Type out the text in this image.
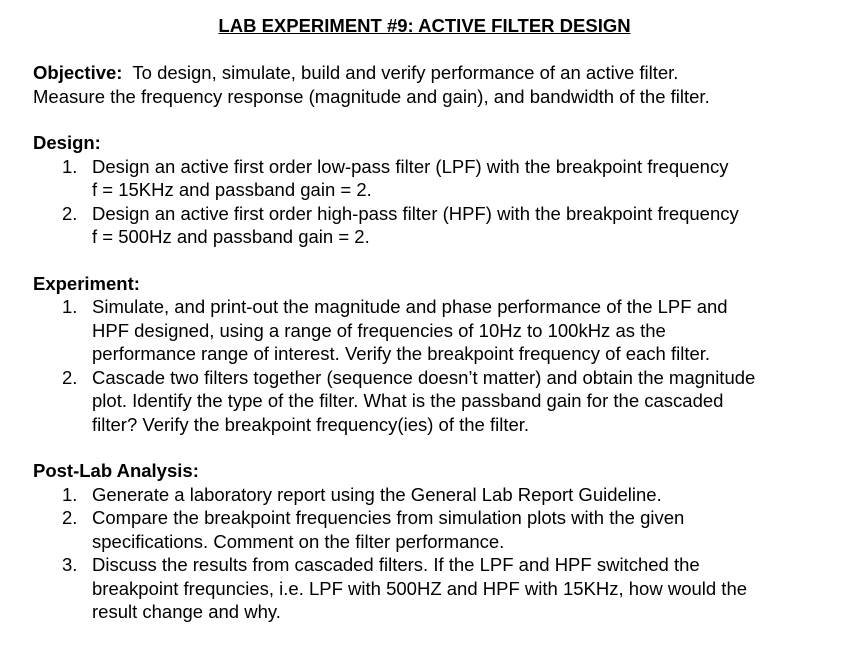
LAB EXPERIMENT #9: ACTIVE FILTER DESIGN
Objective: To design, simulate, build and verify performance of an active filter.
Measure the frequency response (magnitude and gain), and bandwidth of the filter.
Design:
1. Design an active first order low-pass filter (LPF) with the breakpoint frequency
f = 15KHz and passband gain = 2.
2. Design an active first order high-pass filter (HPF) with the breakpoint frequency
f = 500Hz and passband gain = 2.
Experiment:
1. Simulate, and print-out the magnitude and phase performance of the LPF and
HPF designed, using a range of frequencies of 10Hz to 100kHz as the
performance range of interest. Verify the breakpoint frequency of each filter.
2. Cascade two filters together (sequence doesn’t matter) and obtain the magnitude
plot. Identify the type of the filter. What is the passband gain for the cascaded
filter? Verify the breakpoint frequency(ies) of the filter.
Post-Lab Analysis:
1. Generate a laboratory report using the General Lab Report Guideline.
2. Compare the breakpoint frequencies from simulation plots with the given
specifications. Comment on the filter performance.
3. Discuss the results from cascaded filters. If the LPF and HPF switched the
breakpoint frequncies, i.e. LPF with 500HZ and HPF with 15KHz, how would the
result change and why.
